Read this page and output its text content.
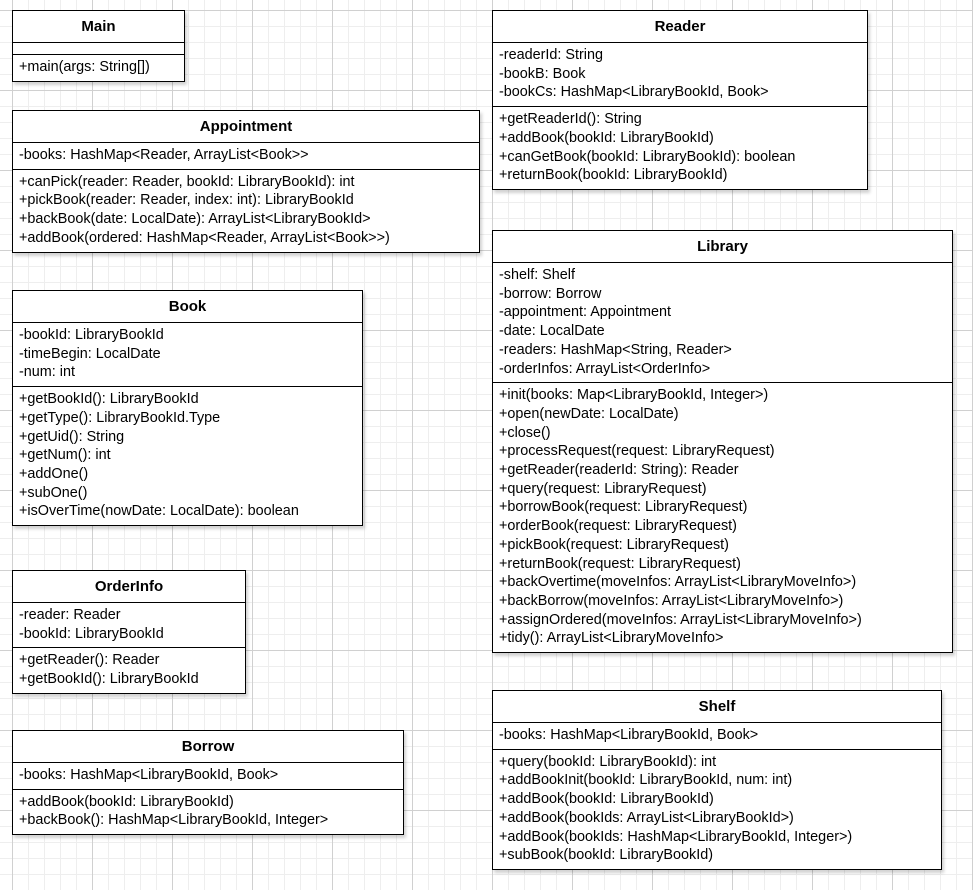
Main
+main(args: String[])
Appointment
-books: HashMap<Reader, ArrayList<Book>>
+canPick(reader: Reader, bookId: LibraryBookId): int
+pickBook(reader: Reader, index: int): LibraryBookId
+backBook(date: LocalDate): ArrayList<LibraryBookId>
+addBook(ordered: HashMap<Reader, ArrayList<Book>>)
Book
-bookId: LibraryBookId
-timeBegin: LocalDate
-num: int
+getBookId(): LibraryBookId
+getType(): LibraryBookId.Type
+getUid(): String
+getNum(): int
+addOne()
+subOne()
+isOverTime(nowDate: LocalDate): boolean
OrderInfo
-reader: Reader
-bookId: LibraryBookId
+getReader(): Reader
+getBookId(): LibraryBookId
Borrow
-books: HashMap<LibraryBookId, Book>
+addBook(bookId: LibraryBookId)
+backBook(): HashMap<LibraryBookId, Integer>
Reader
-readerId: String
-bookB: Book
-bookCs: HashMap<LibraryBookId, Book>
+getReaderId(): String
+addBook(bookId: LibraryBookId)
+canGetBook(bookId: LibraryBookId): boolean
+returnBook(bookId: LibraryBookId)
Library
-shelf: Shelf
-borrow: Borrow
-appointment: Appointment
-date: LocalDate
-readers: HashMap<String, Reader>
-orderInfos: ArrayList<OrderInfo>
+init(books: Map<LibraryBookId, Integer>)
+open(newDate: LocalDate)
+close()
+processRequest(request: LibraryRequest)
+getReader(readerId: String): Reader
+query(request: LibraryRequest)
+borrowBook(request: LibraryRequest)
+orderBook(request: LibraryRequest)
+pickBook(request: LibraryRequest)
+returnBook(request: LibraryRequest)
+backOvertime(moveInfos: ArrayList<LibraryMoveInfo>)
+backBorrow(moveInfos: ArrayList<LibraryMoveInfo>)
+assignOrdered(moveInfos: ArrayList<LibraryMoveInfo>)
+tidy(): ArrayList<LibraryMoveInfo>
Shelf
-books: HashMap<LibraryBookId, Book>
+query(bookId: LibraryBookId): int
+addBookInit(bookId: LibraryBookId, num: int)
+addBook(bookId: LibraryBookId)
+addBook(bookIds: ArrayList<LibraryBookId>)
+addBook(bookIds: HashMap<LibraryBookId, Integer>)
+subBook(bookId: LibraryBookId)
